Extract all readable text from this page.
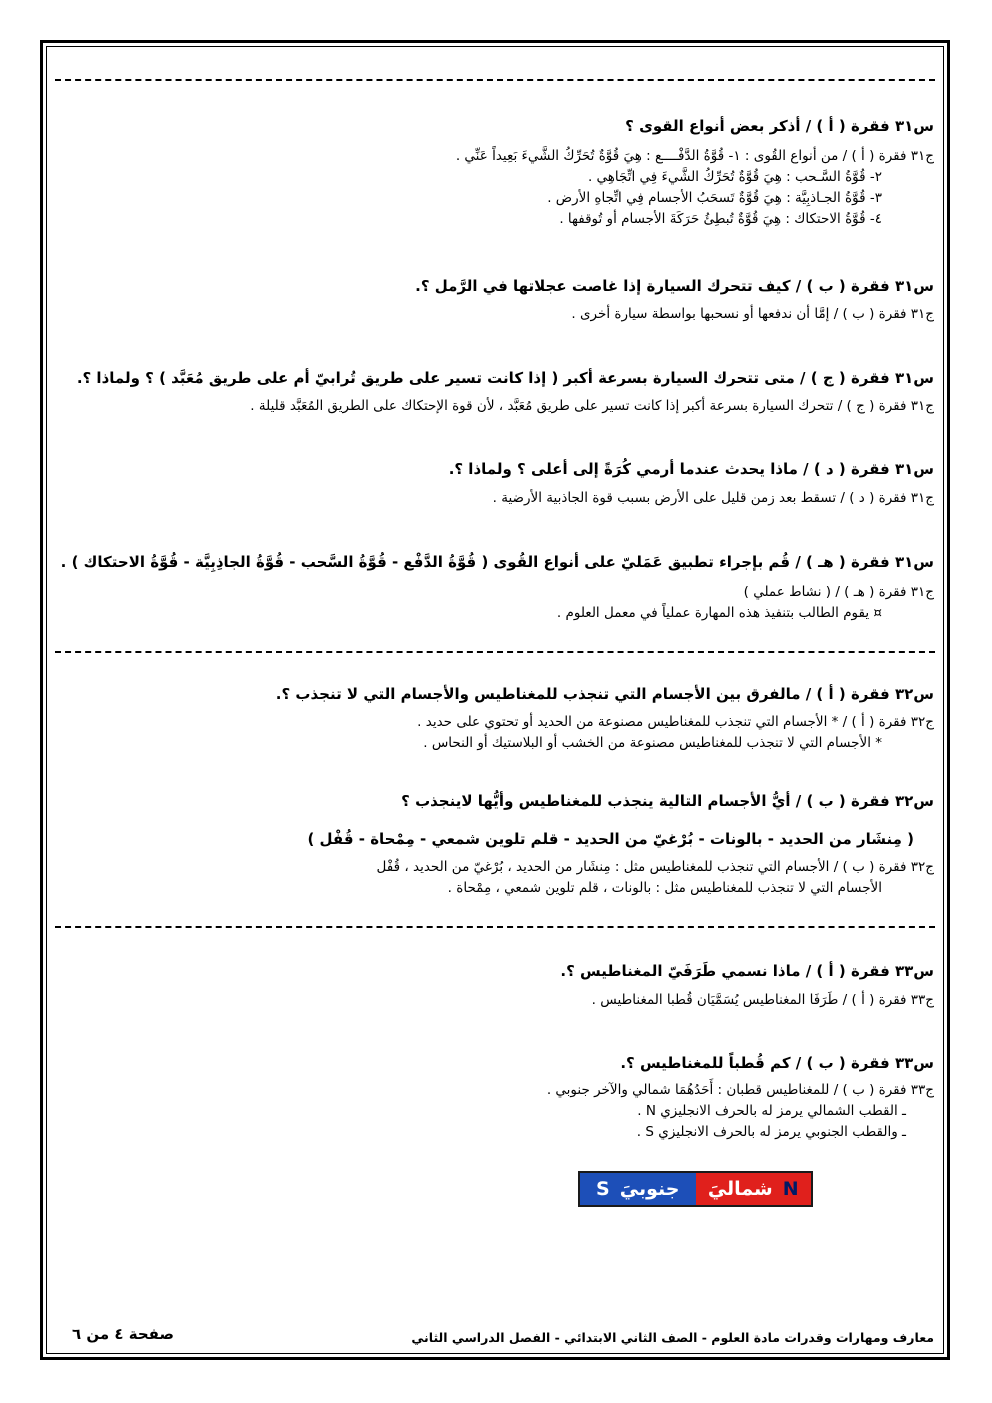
س٣١ فقرة ( أ ) / أذكر بعض أنواع القوى ؟
ج٣١ فقرة ( أ ) / من أنواع القُوى : ١- قُوَّةُ الدَّفْــــع : هِيَ قُوَّةٌ تُحَرِّكُ الشَّيءَ بَعِيداً عَنِّي .
٢- قُوَّةُ السَّـحب : هِيَ قُوَّةٌ تُحَرِّكُ الشَّيءَ فِي اتِّجَاهِي .
٣- قُوَّةُ الجـاذبِيَّة : هِيَ قُوَّةٌ تَسحَبُ الأجسام فِي اتِّجاهِ الأرض .
٤- قُوَّةُ الاحتكاك : هِيَ قُوَّةٌ تُبطِئُ حَرَكَةَ الأجسام أو تُوقفها .
س٣١ فقرة ( ب ) / كيف تتحرك السيارة إذا غاصت عجلاتها في الرَّمل ؟.
ج٣١ فقرة ( ب ) / إمَّا أن ندفعها أو نسحبها بواسطة سيارة أخرى .
س٣١ فقرة ( ج ) / متى تتحرك السيارة بسرعة أكبر ( إذا كانت تسير على طريق تُرابيّ أم على طريق مُعَبَّد ) ؟ ولماذا ؟.
ج٣١ فقرة ( ج ) / تتحرك السيارة بسرعة أكبر إذا كانت تسير على طريق مُعَبَّد ، لأن قوة الإحتكاك على الطريق المُعَبَّد قليلة .
س٣١ فقرة ( د ) / ماذا يحدث عندما أرمي كُرَةً إلى أعلى ؟ ولماذا ؟.
ج٣١ فقرة ( د ) / تسقط بعد زمن قليل على الأرض بسبب قوة الجاذبية الأرضية .
س٣١ فقرة ( هـ ) / قُم بإجراء تطبيق عَمَليّ على أنواع القُوى ( قُوَّةُ الدَّفْع - قُوَّةُ السَّحب - قُوَّةُ الجاذِبِيَّة - قُوَّةُ الاحتكاك ) .
ج٣١ فقرة ( هـ ) / ( نشاط عملي )
¤ يقوم الطالب بتنفيذ هذه المهارة عملياً في معمل العلوم .
س٣٢ فقرة ( أ ) / مالفرق بين الأجسام التي تنجذب للمغناطيس والأجسام التي لا تنجذب ؟.
ج٣٢ فقرة ( أ ) / * الأجسام التي تنجذب للمغناطيس مصنوعة من الحديد أو تحتوي على حديد .
* الأجسام التي لا تنجذب للمغناطيس مصنوعة من الخشب أو البلاستيك أو النحاس .
س٣٢ فقرة ( ب ) / أيُّ الأجسام التالية ينجذب للمغناطيس وأيُّها لاينجذب ؟
( مِنشَار من الحديد - بالونات - بُرْغيّ من الحديد - قلم تلوين شمعي - مِمْحاة - قُفْل )
ج٣٢ فقرة ( ب ) / الأجسام التي تنجذب للمغناطيس مثل : مِنشَار من الحديد ، بُرْغيّ من الحديد ، قُفْل
الأجسام التي لا تنجذب للمغناطيس مثل : بالونات ، قلم تلوين شمعي ، مِمْحاة .
س٣٣ فقرة ( أ ) / ماذا نسمي طَرَفَيّ المغناطيس ؟.
ج٣٣ فقرة ( أ ) / طَرَفَا المغناطيس يُسَمَّيَان قُطبا المغناطيس .
س٣٣ فقرة ( ب ) / كم قُطباً للمغناطيس ؟.
ج٣٣ فقرة ( ب ) / للمغناطيس قطبان : أَحَدُهُمَا شمالي والآخر جنوبي .
ـ القطب الشمالي يرمز له بالحرف الانجليزي N .
ـ والقطب الجنوبي يرمز له بالحرف الانجليزي S .
S جنوبيَ شماليَ N
معارف ومهارات وقدرات مادة العلوم - الصف الثاني الابتدائي - الفصل الدراسي الثاني
صفحة ٤ من ٦
